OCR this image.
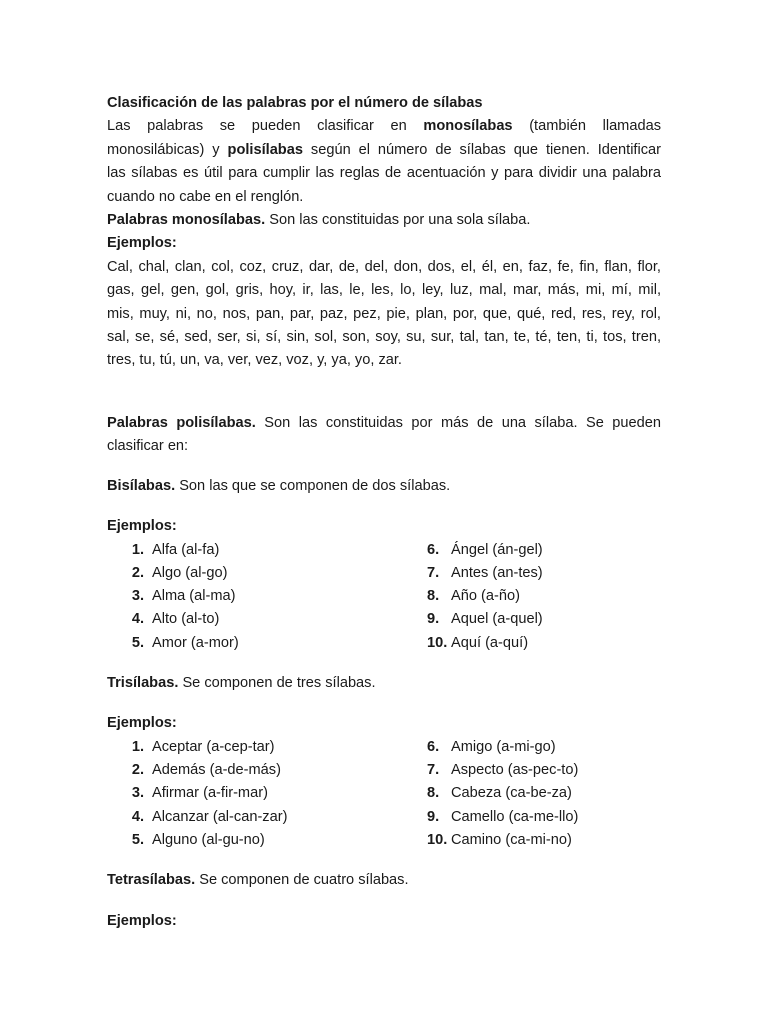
Clasificación de las palabras por el número de sílabas

Las palabras se pueden clasificar en monosílabas (también llamadas

monosilábicas) y polisílabas según el número de sílabas que tienen. Identificar

las sílabas es útil para cumplir las reglas de acentuación y para dividir una palabra

cuando no cabe en el renglón.

Palabras monosílabas. Son las constituidas por una sola sílaba.

Ejemplos:

Cal, chal, clan, col, coz, cruz, dar, de, del, don, dos, el, él, en, faz, fe, fin, flan, flor,

gas, gel, gen, gol, gris, hoy, ir, las, le, les, lo, ley, luz, mal, mar, más, mi, mí, mil,

mis, muy, ni, no, nos, pan, par, paz, pez, pie, plan, por, que, qué, red, res, rey, rol,

sal, se, sé, sed, ser, si, sí, sin, sol, son, soy, su, sur, tal, tan, te, té, ten, ti, tos, tren,

tres, tu, tú, un, va, ver, vez, voz, y, ya, yo, zar.

Palabras polisílabas. Son las constituidas por más de una sílaba. Se pueden

clasificar en:

Bisílabas. Son las que se componen de dos sílabas.

Ejemplos:

1. Alfa (al-fa)
2. Algo (al-go)
3. Alma (al-ma)
4. Alto (al-to)
5. Amor (a-mor)
6. Ángel (án-gel)
7. Antes (an-tes)
8. Año (a-ño)
9. Aquel (a-quel)
10. Aquí (a-quí)

Trisílabas. Se componen de tres sílabas.

Ejemplos:

1. Aceptar (a-cep-tar)
2. Además (a-de-más)
3. Afirmar (a-fir-mar)
4. Alcanzar (al-can-zar)
5. Alguno (al-gu-no)
6. Amigo (a-mi-go)
7. Aspecto (as-pec-to)
8. Cabeza (ca-be-za)
9. Camello (ca-me-llo)
10. Camino (ca-mi-no)

Tetrasílabas. Se componen de cuatro sílabas.

Ejemplos:
